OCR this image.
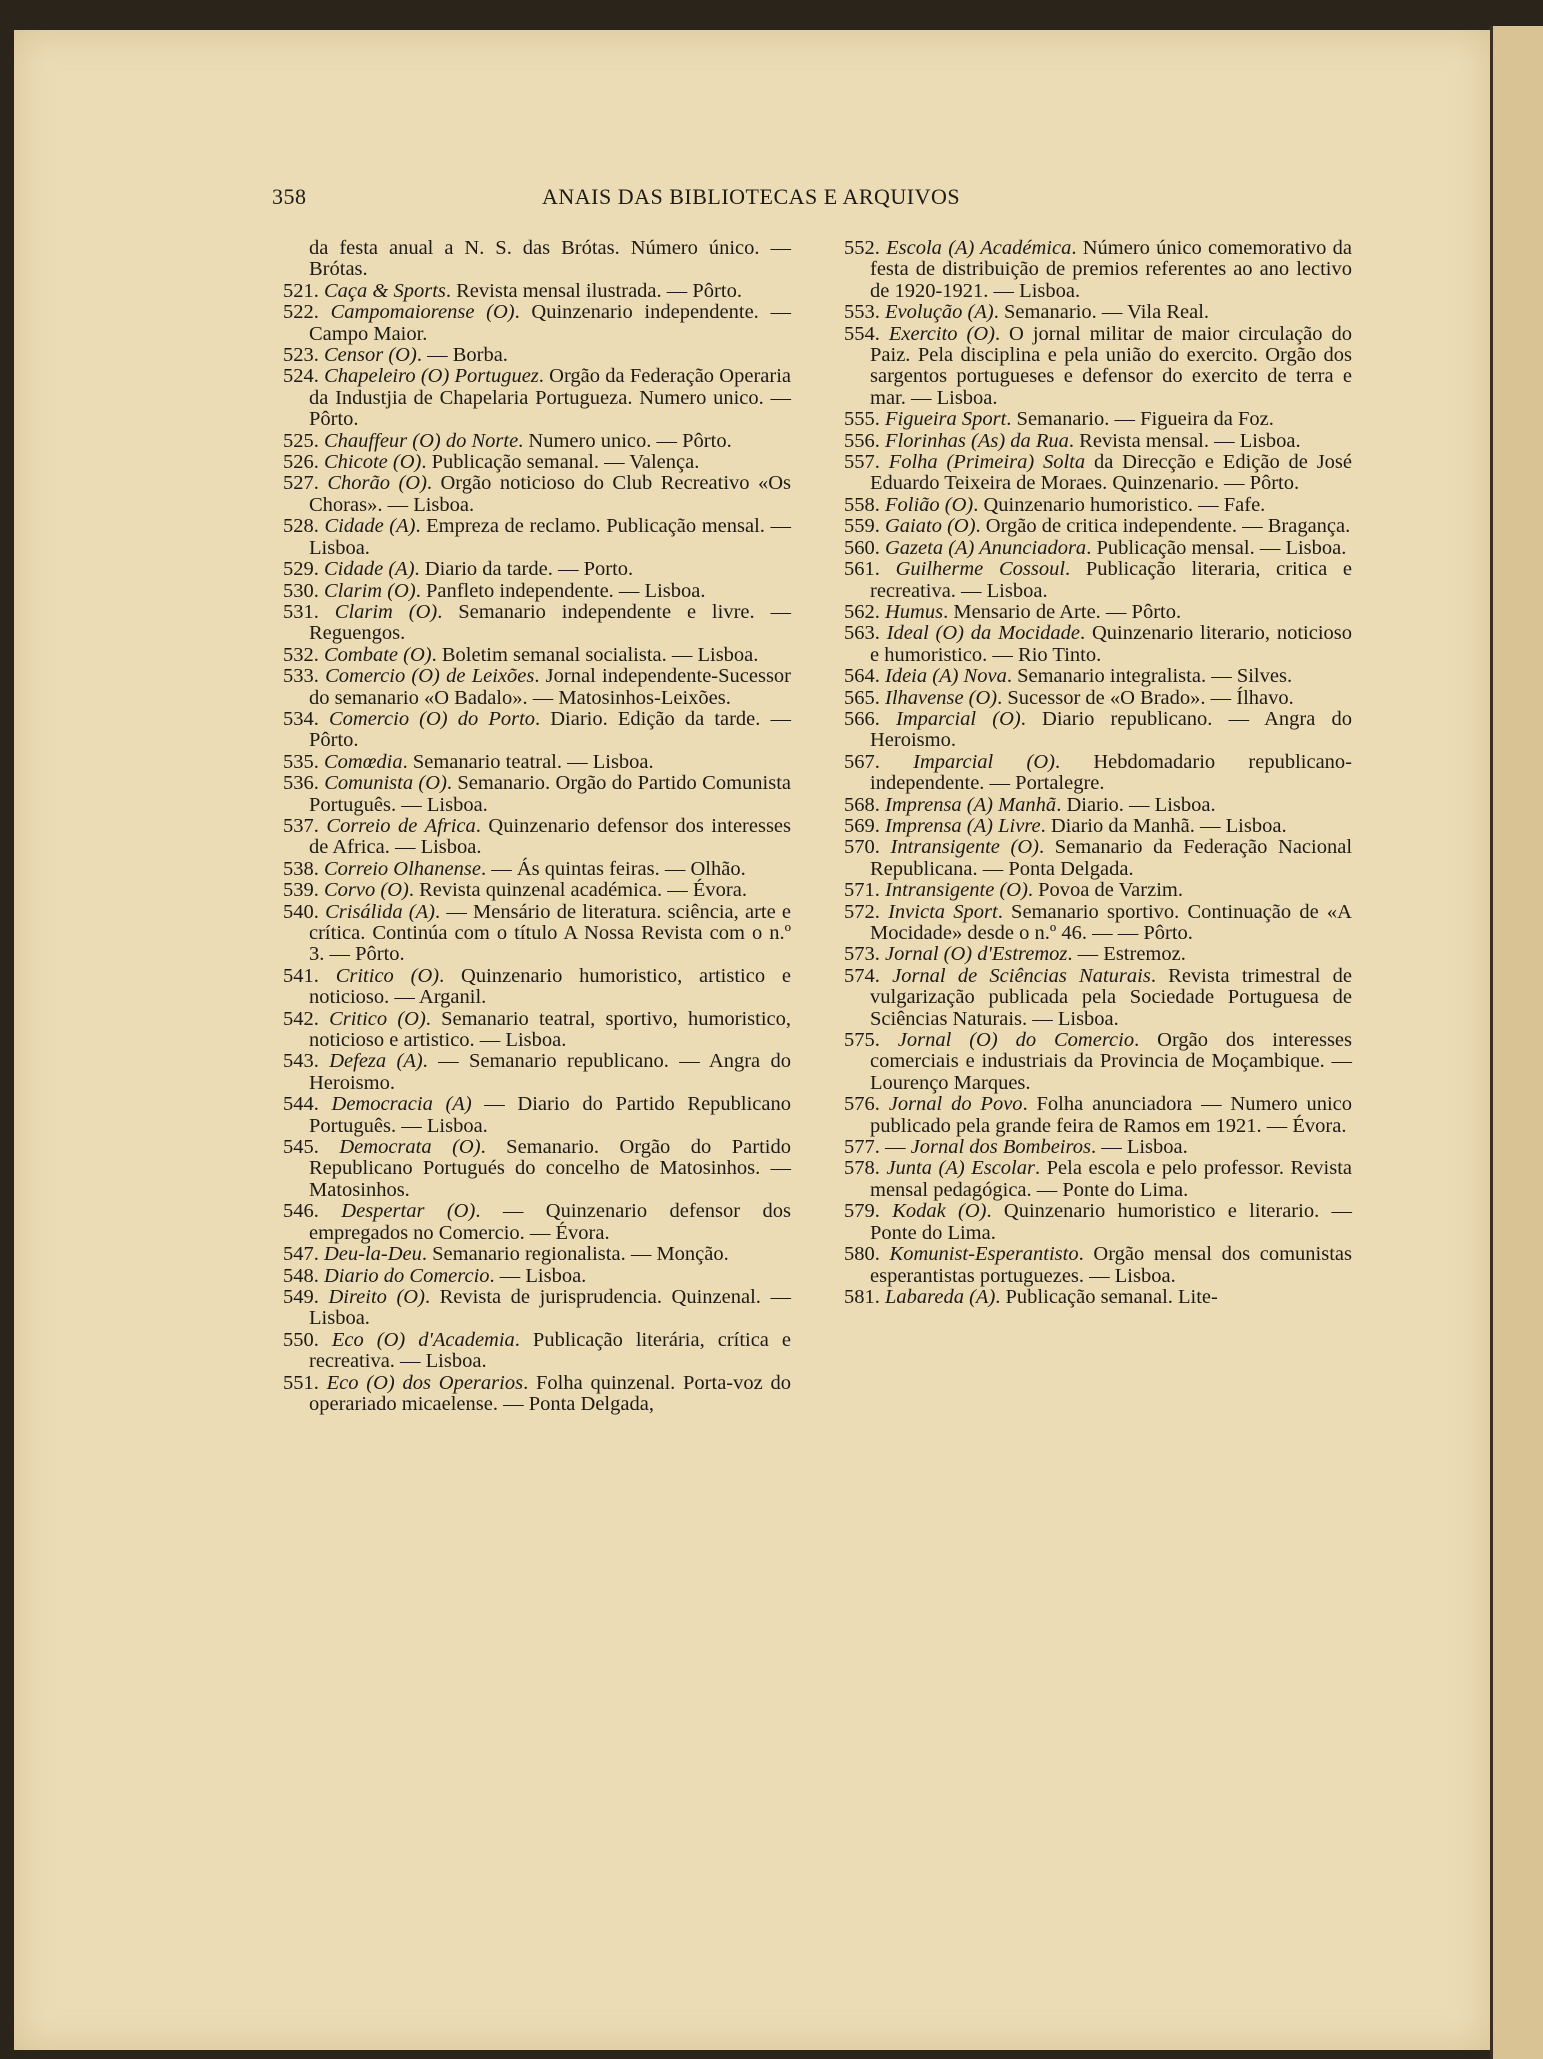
358	ANAIS DAS BIBLIOTECAS E ARQUIVOS

da festa anual a N. S. das Brótas. Número único. — Brótas.

521. Caça & Sports. Revista mensal ilustrada. — Pôrto.

522. Campomaiorense (O). Quinzenario independente. — Campo Maior.

523. Censor (O). — Borba.

524. Chapeleiro (O) Portuguez. Orgão da Federação Operaria da Industjia de Chapelaria Portugueza. Numero unico. — Pôrto.

525. Chauffeur (O) do Norte. Numero unico. — Pôrto.

526. Chicote (O). Publicação semanal. — Valença.

527. Chorão (O). Orgão noticioso do Club Recreativo «Os Choras». — Lisboa.

528. Cidade (A). Empreza de reclamo. Publicação mensal. — Lisboa.

529. Cidade (A). Diario da tarde. — Porto.

530. Clarim (O). Panfleto independente. — Lisboa.

531. Clarim (O). Semanario independente e livre. — Reguengos.

532. Combate (O). Boletim semanal socialista. — Lisboa.

533. Comercio (O) de Leixões. Jornal independente-Sucessor do semanario «O Badalo». — Matosinhos-Leixões.

534. Comercio (O) do Porto. Diario. Edição da tarde. — Pôrto.

535. Comœdia. Semanario teatral. — Lisboa.

536. Comunista (O). Semanario. Orgão do Partido Comunista Português. — Lisboa.

537. Correio de Africa. Quinzenario defensor dos interesses de Africa. — Lisboa.

538. Correio Olhanense. — Ás quintas feiras. — Olhão.

539. Corvo (O). Revista quinzenal académica. — Évora.

540. Crisálida (A). — Mensário de literatura. sciência, arte e crítica. Continúa com o título A Nossa Revista com o n.º 3. — Pôrto.

541. Critico (O). Quinzenario humoristico, artistico e noticioso. — Arganil.

542. Critico (O). Semanario teatral, sportivo, humoristico, noticioso e artistico. — Lisboa.

543. Defeza (A). — Semanario republicano. — Angra do Heroismo.

544. Democracia (A) — Diario do Partido Republicano Português. — Lisboa.

545. Democrata (O). Semanario. Orgão do Partido Republicano Portugués do concelho de Matosinhos. — Matosinhos.

546. Despertar (O). — Quinzenario defensor dos empregados no Comercio. — Évora.

547. Deu-la-Deu. Semanario regionalista. — Monção.

548. Diario do Comercio. — Lisboa.

549. Direito (O). Revista de jurisprudencia. Quinzenal. — Lisboa.

550. Eco (O) d'Academia. Publicação literária, crítica e recreativa. — Lisboa.

551. Eco (O) dos Operarios. Folha quinzenal. Porta-voz do operariado micaelense. — Ponta Delgada,

552. Escola (A) Académica. Número único comemorativo da festa de distribuição de premios referentes ao ano lectivo de 1920-1921. — Lisboa.

553. Evolução (A). Semanario. — Vila Real.

554. Exercito (O). O jornal militar de maior circulação do Paiz. Pela disciplina e pela união do exercito. Orgão dos sargentos portugueses e defensor do exercito de terra e mar. — Lisboa.

555. Figueira Sport. Semanario. — Figueira da Foz.

556. Florinhas (As) da Rua. Revista mensal. — Lisboa.

557. Folha (Primeira) Solta da Direcção e Edição de José Eduardo Teixeira de Moraes. Quinzenario. — Pôrto.

558. Folião (O). Quinzenario humoristico. — Fafe.

559. Gaiato (O). Orgão de critica independente. — Bragança.

560. Gazeta (A) Anunciadora. Publicação mensal. — Lisboa.

561. Guilherme Cossoul. Publicação literaria, critica e recreativa. — Lisboa.

562. Humus. Mensario de Arte. — Pôrto.

563. Ideal (O) da Mocidade. Quinzenario literario, noticioso e humoristico. — Rio Tinto.

564. Ideia (A) Nova. Semanario integralista. — Silves.

565. Ilhavense (O). Sucessor de «O Brado». — Ílhavo.

566. Imparcial (O). Diario republicano. — Angra do Heroismo.

567. Imparcial (O). Hebdomadario republicano-independente. — Portalegre.

568. Imprensa (A) Manhã. Diario. — Lisboa.

569. Imprensa (A) Livre. Diario da Manhã. — Lisboa.

570. Intransigente (O). Semanario da Federação Nacional Republicana. — Ponta Delgada.

571. Intransigente (O). Povoa de Varzim.

572. Invicta Sport. Semanario sportivo. Continuação de «A Mocidade» desde o n.º 46. — — Pôrto.

573. Jornal (O) d'Estremoz. — Estremoz.

574. Jornal de Sciências Naturais. Revista trimestral de vulgarização publicada pela Sociedade Portuguesa de Sciências Naturais. — Lisboa.

575. Jornal (O) do Comercio. Orgão dos interesses comerciais e industriais da Provincia de Moçambique. — Lourenço Marques.

576. Jornal do Povo. Folha anunciadora — Numero unico publicado pela grande feira de Ramos em 1921. — Évora.

577. — Jornal dos Bombeiros. — Lisboa.

578. Junta (A) Escolar. Pela escola e pelo professor. Revista mensal pedagógica. — Ponte do Lima.

579. Kodak (O). Quinzenario humoristico e literario. — Ponte do Lima.

580. Komunist-Esperantisto. Orgão mensal dos comunistas esperantistas portuguezes. — Lisboa.

581. Labareda (A). Publicação semanal. Lite-
